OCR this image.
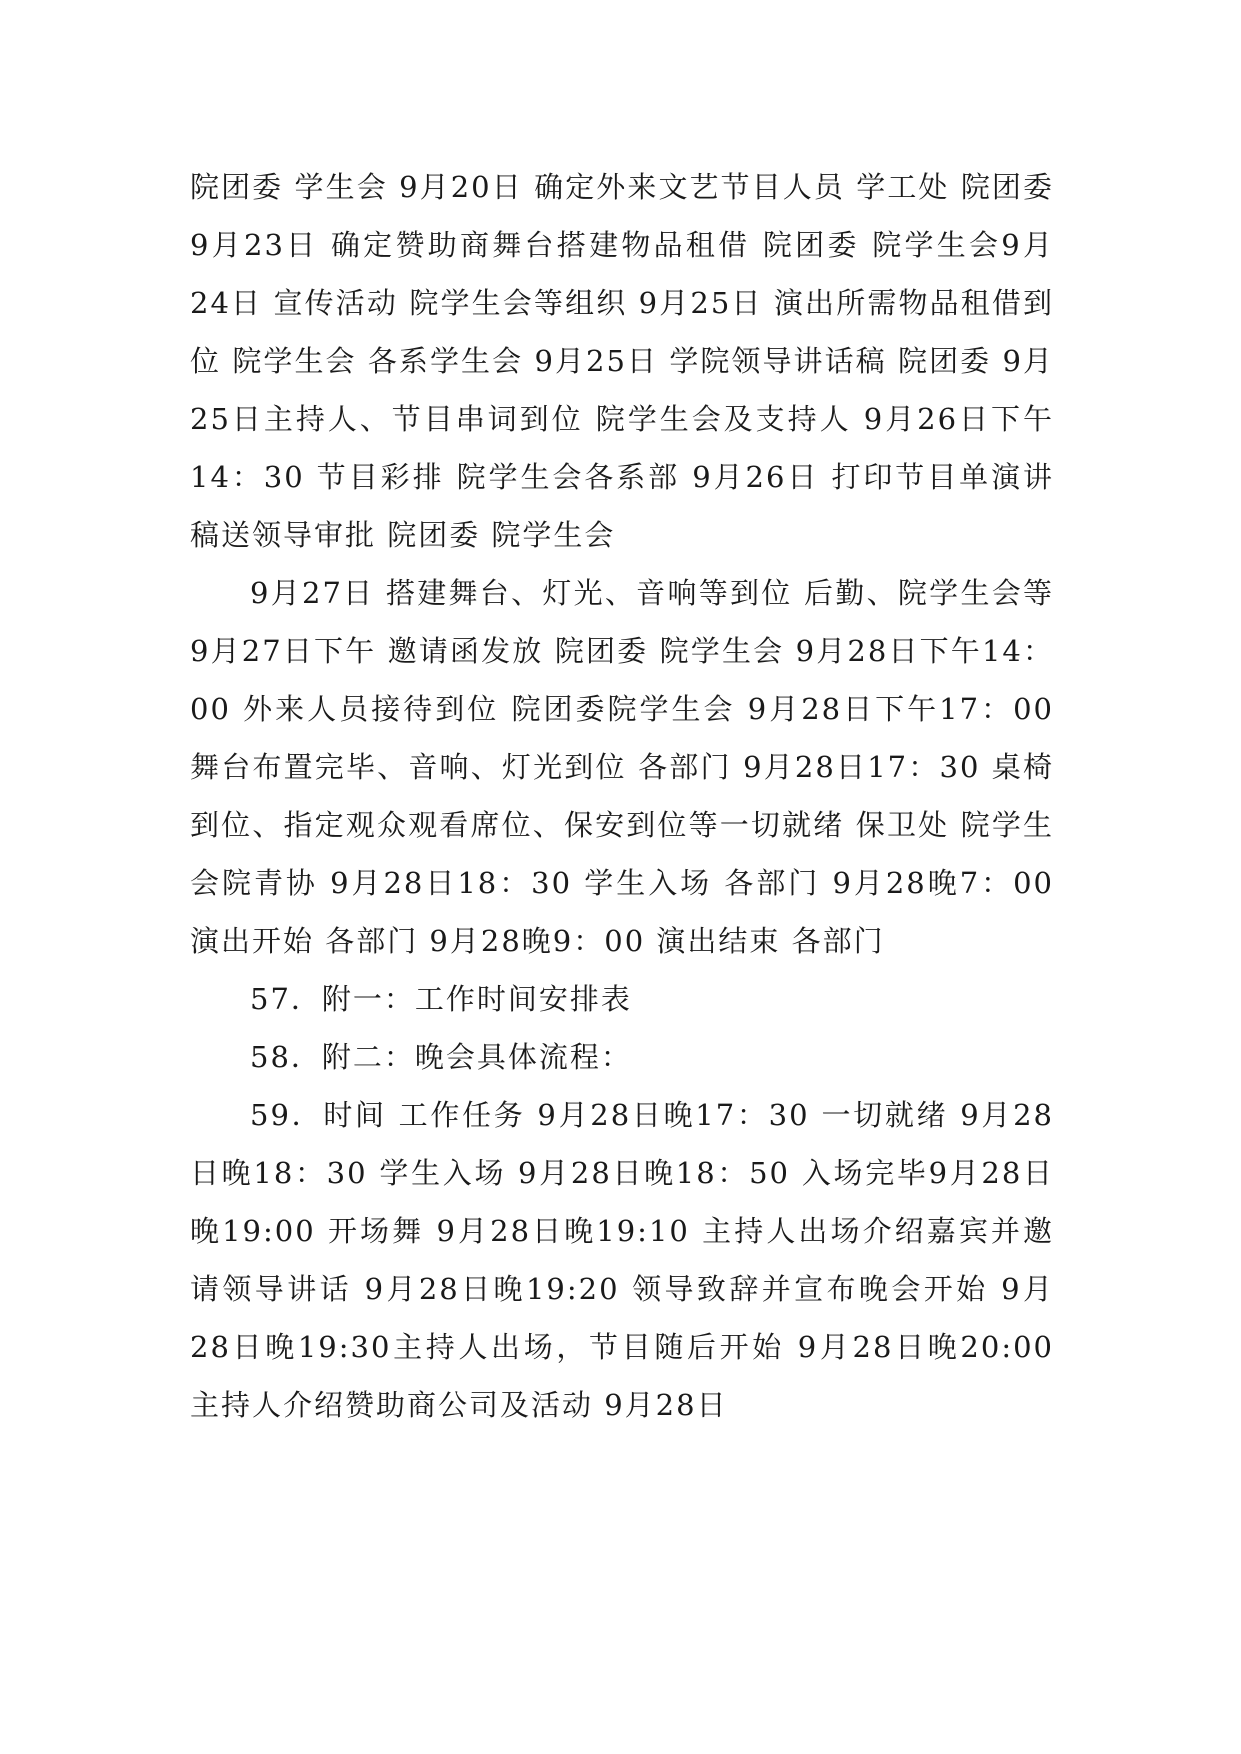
院团委 学生会 9月20日 确定外来文艺节目人员 学工处 院团委 9月23日 确定赞助商舞台搭建物品租借 院团委 院学生会9月24日 宣传活动 院学生会等组织 9月25日 演出所需物品租借到位 院学生会 各系学生会 9月25日 学院领导讲话稿 院团委 9月25日主持人、节目串词到位 院学生会及支持人 9月26日下午14：30 节目彩排 院学生会各系部 9月26日 打印节目单演讲稿送领导审批 院团委 院学生会

9月27日 搭建舞台、灯光、音响等到位 后勤、院学生会等 9月27日下午 邀请函发放 院团委 院学生会 9月28日下午14：00 外来人员接待到位 院团委院学生会 9月28日下午17：00 舞台布置完毕、音响、灯光到位 各部门 9月28日17：30 桌椅到位、指定观众观看席位、保安到位等一切就绪 保卫处 院学生会院青协 9月28日18：30 学生入场 各部门 9月28晚7：00 演出开始 各部门 9月28晚9：00 演出结束 各部门

57．附一：工作时间安排表

58．附二：晚会具体流程：

59．时间 工作任务 9月28日晚17：30 一切就绪 9月28日晚18：30 学生入场 9月28日晚18：50 入场完毕9月28日晚19:00 开场舞 9月28日晚19:10 主持人出场介绍嘉宾并邀请领导讲话 9月28日晚19:20 领导致辞并宣布晚会开始 9月28日晚19:30主持人出场，节目随后开始 9月28日晚20:00 主持人介绍赞助商公司及活动 9月28日
